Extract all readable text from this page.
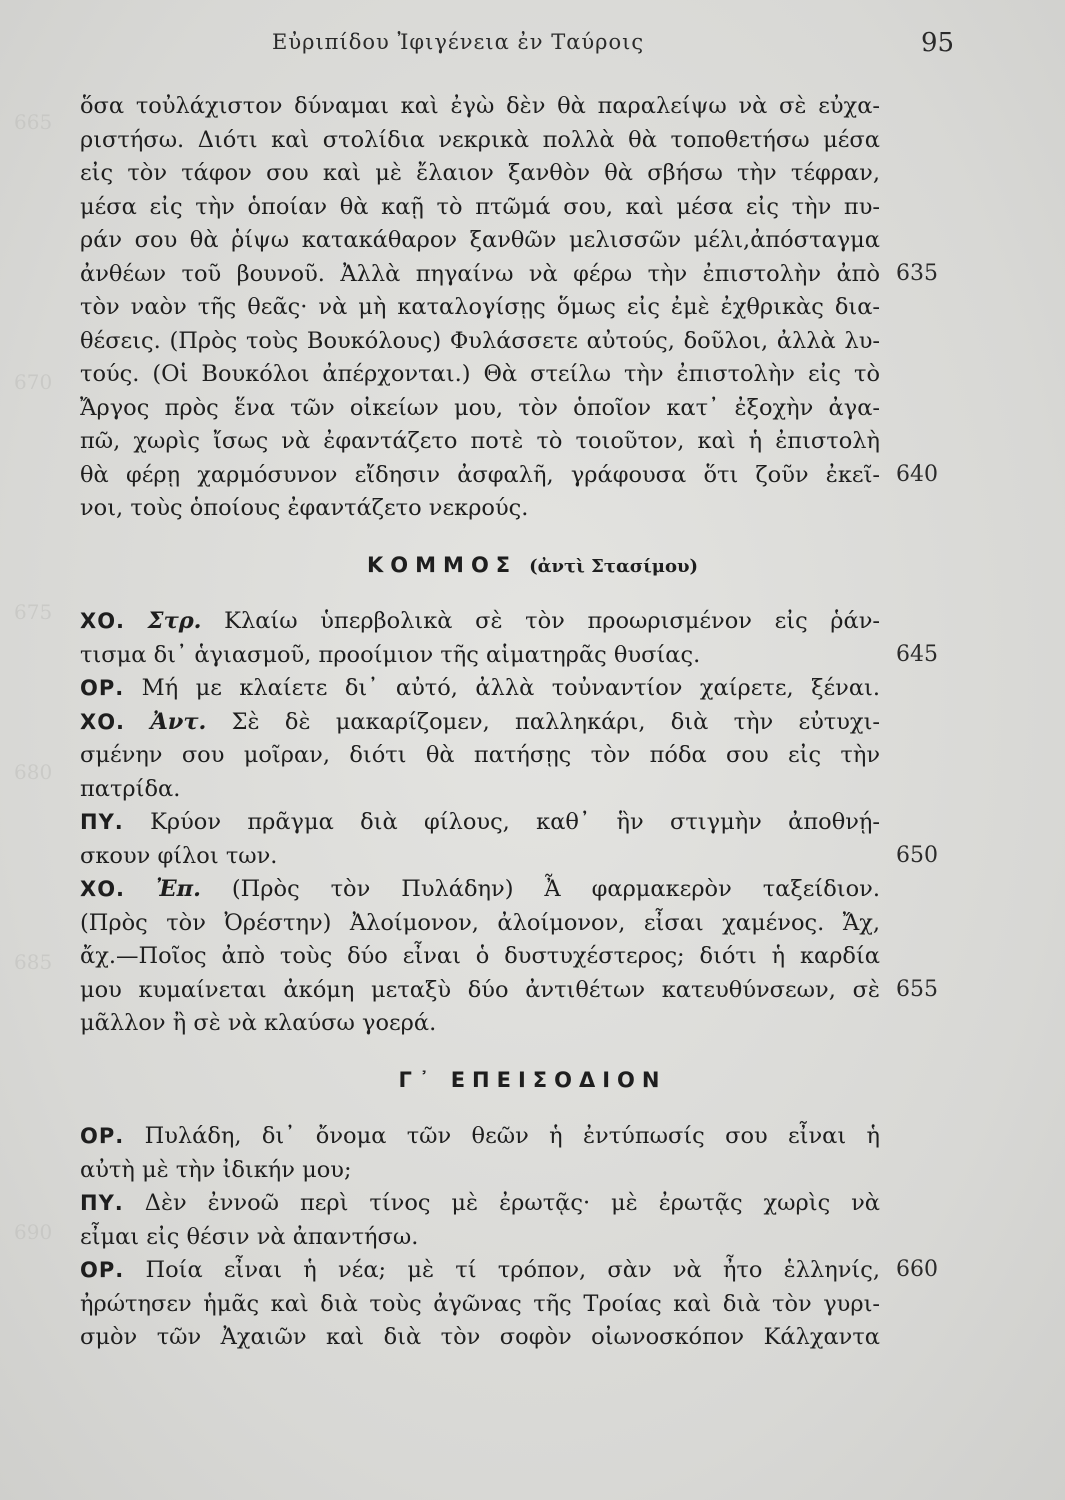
665
670
675
680
685
690
Εὐριπίδου Ἰφιγένεια ἐν Ταύροις	95
ὅσα τοὐλάχιστον δύναμαι καὶ ἐγὼ δὲν θὰ παραλείψω νὰ σὲ εὐχα-
ριστήσω. Διότι καὶ στολίδια νεκρικὰ πολλὰ θὰ τοποθετήσω μέσα
εἰς τὸν τάφον σου καὶ μὲ ἔλαιον ξανθὸν θὰ σβήσω τὴν τέφραν,
μέσα εἰς τὴν ὁποίαν θὰ καῇ τὸ πτῶμά σου, καὶ μέσα εἰς τὴν πυ-
ράν σου θὰ ῥίψω κατακάθαρον ξανθῶν μελισσῶν μέλι,ἀπόσταγμα
ἀνθέων τοῦ βουνοῦ. Ἀλλὰ πηγαίνω νὰ φέρω τὴν ἐπιστολὴν ἀπὸ 635
τὸν ναὸν τῆς θεᾶς· νὰ μὴ καταλογίσῃς ὅμως εἰς ἐμὲ ἐχθρικὰς δια-
θέσεις. (Πρὸς τοὺς Βουκόλους) Φυλάσσετε αὐτούς, δοῦλοι, ἀλλὰ λυ-
τούς. (Οἱ Βουκόλοι ἀπέρχονται.) Θὰ στείλω τὴν ἐπιστολὴν εἰς τὸ
Ἄργος πρὸς ἕνα τῶν οἰκείων μου, τὸν ὁποῖον κατ᾽ ἐξοχὴν ἀγα-
πῶ, χωρὶς ἴσως νὰ ἐφαντάζετο ποτὲ τὸ τοιοῦτον, καὶ ἡ ἐπιστολὴ
θὰ φέρῃ χαρμόσυνον εἴδησιν ἀσφαλῆ, γράφουσα ὅτι ζοῦν ἐκεῖ- 640
νοι, τοὺς ὁποίους ἐφαντάζετο νεκρούς.
ΚΟΜΜΟΣ (ἀντὶ Στασίμου)
ΧΟ. Στρ. Κλαίω ὑπερβολικὰ σὲ τὸν προωρισμένον εἰς ῥάν-
τισμα δι᾽ ἁγιασμοῦ, προοίμιον τῆς αἱματηρᾶς θυσίας.	645
ΟΡ. Μή με κλαίετε δι᾽ αὐτό, ἀλλὰ τοὐναντίον χαίρετε, ξέναι.
ΧΟ. Ἀντ. Σὲ δὲ μακαρίζομεν, παλληκάρι, διὰ τὴν εὐτυχι-
σμένην σου μοῖραν, διότι θὰ πατήσῃς τὸν πόδα σου εἰς τὴν
πατρίδα.
ΠΥ. Κρύον πρᾶγμα διὰ φίλους, καθ᾽ ἣν στιγμὴν ἀποθνῄ-
σκουν φίλοι των.	650
ΧΟ. Ἐπ. (Πρὸς τὸν Πυλάδην) Ἆ φαρμακερὸν ταξείδιον.
(Πρὸς τὸν Ὀρέστην) Ἀλοίμονον, ἀλοίμονον, εἶσαι χαμένος. Ἄχ,
ἄχ.—Ποῖος ἀπὸ τοὺς δύο εἶναι ὁ δυστυχέστερος; διότι ἡ καρδία
μου κυμαίνεται ἀκόμη μεταξὺ δύο ἀντιθέτων κατευθύνσεων, σὲ 655
μᾶλλον ἢ σὲ νὰ κλαύσω γοερά.
Γ᾽ ΕΠΕΙΣΟΔΙΟΝ
ΟΡ. Πυλάδη, δι᾽ ὄνομα τῶν θεῶν ἡ ἐντύπωσίς σου εἶναι ἡ
αὐτὴ μὲ τὴν ἰδικήν μου;
ΠΥ. Δὲν ἐννοῶ περὶ τίνος μὲ ἐρωτᾷς· μὲ ἐρωτᾷς χωρὶς νὰ
εἶμαι εἰς θέσιν νὰ ἀπαντήσω.
ΟΡ. Ποία εἶναι ἡ νέα; μὲ τί τρόπον, σὰν νὰ ἦτο ἑλληνίς, 660
ἠρώτησεν ἡμᾶς καὶ διὰ τοὺς ἀγῶνας τῆς Τροίας καὶ διὰ τὸν γυρι-
σμὸν τῶν Ἀχαιῶν καὶ διὰ τὸν σοφὸν οἰωνοσκόπον Κάλχαντα
